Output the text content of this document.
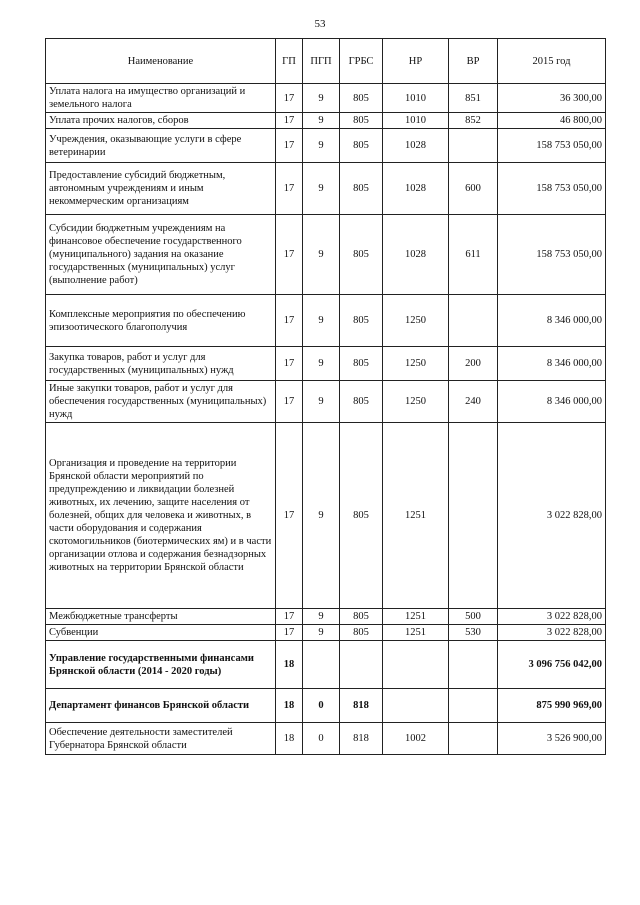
53
Наименование	ГП	ПГП	ГРБС	НР	ВР	2015 год
Уплата налога на имущество организаций и земельного налога	17	9	805	1010	851	36 300,00
Уплата прочих налогов, сборов	17	9	805	1010	852	46 800,00
Учреждения, оказывающие услуги в сфере ветеринарии	17	9	805	1028		158 753 050,00
Предоставление субсидий бюджетным, автономным учреждениям и иным некоммерческим организациям	17	9	805	1028	600	158 753 050,00
Субсидии бюджетным учреждениям на финансовое обеспечение государственного (муниципального) задания на оказание государственных (муниципальных) услуг (выполнение работ)	17	9	805	1028	611	158 753 050,00
Комплексные мероприятия по обеспечению эпизоотического благополучия	17	9	805	1250		8 346 000,00
Закупка товаров, работ и услуг для государственных (муниципальных) нужд	17	9	805	1250	200	8 346 000,00
Иные закупки товаров, работ и услуг для обеспечения государственных (муниципальных) нужд	17	9	805	1250	240	8 346 000,00
Организация и проведение на территории Брянской области мероприятий по предупреждению и ликвидации болезней животных, их лечению, защите населения от болезней, общих для человека и животных, в части оборудования и содержания скотомогильников (биотермических ям) и в части организации отлова и содержания безнадзорных животных на территории Брянской области	17	9	805	1251		3 022 828,00
Межбюджетные трансферты	17	9	805	1251	500	3 022 828,00
Субвенции	17	9	805	1251	530	3 022 828,00
Управление государственными финансами Брянской области (2014 - 2020 годы)	18					3 096 756 042,00
Департамент финансов Брянской области	18	0	818			875 990 969,00
Обеспечение деятельности заместителей Губернатора Брянской области	18	0	818	1002		3 526 900,00
